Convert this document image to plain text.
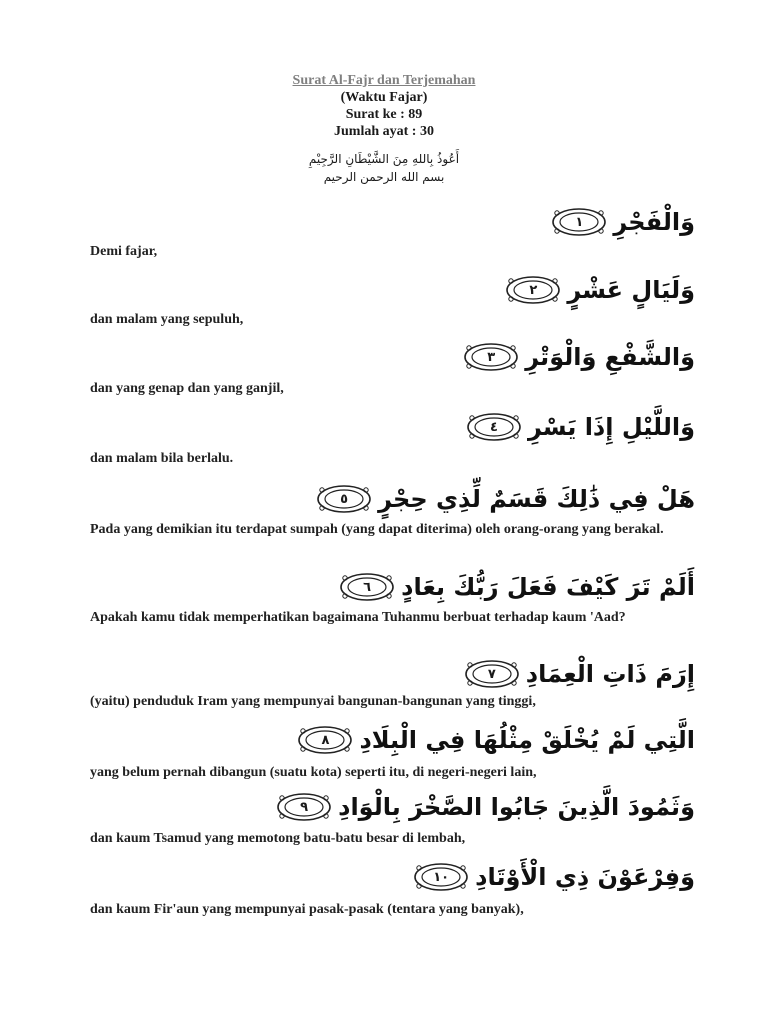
Surat Al-Fajr dan Terjemahan
(Waktu Fajar)
Surat ke : 89
Jumlah ayat : 30
أَعُوذُ بِاللهِ مِنَ الشَّيْطَانِ الرَّجِيْمِ
بسم الله الرحمن الرحيم
١ وَالْفَجْرِ
Demi fajar,
٢ وَلَيَالٍ عَشْرٍ
dan malam yang sepuluh,
٣ وَالشَّفْعِ وَالْوَتْرِ
dan yang genap dan yang ganjil,
٤ وَاللَّيْلِ إِذَا يَسْرِ
dan malam bila berlalu.
٥ هَلْ فِي ذَٰلِكَ قَسَمٌ لِّذِي حِجْرٍ
Pada yang demikian itu terdapat sumpah (yang dapat diterima) oleh orang-orang yang berakal.
٦ أَلَمْ تَرَ كَيْفَ فَعَلَ رَبُّكَ بِعَادٍ
Apakah kamu tidak memperhatikan bagaimana Tuhanmu berbuat terhadap kaum 'Aad?
٧ إِرَمَ ذَاتِ الْعِمَادِ
(yaitu) penduduk Iram yang mempunyai bangunan-bangunan yang tinggi,
٨ الَّتِي لَمْ يُخْلَقْ مِثْلُهَا فِي الْبِلَادِ
yang belum pernah dibangun (suatu kota) seperti itu, di negeri-negeri lain,
٩ وَثَمُودَ الَّذِينَ جَابُوا الصَّخْرَ بِالْوَادِ
dan kaum Tsamud yang memotong batu-batu besar di lembah,
١٠ وَفِرْعَوْنَ ذِي الْأَوْتَادِ
dan kaum Fir'aun yang mempunyai pasak-pasak (tentara yang banyak),
